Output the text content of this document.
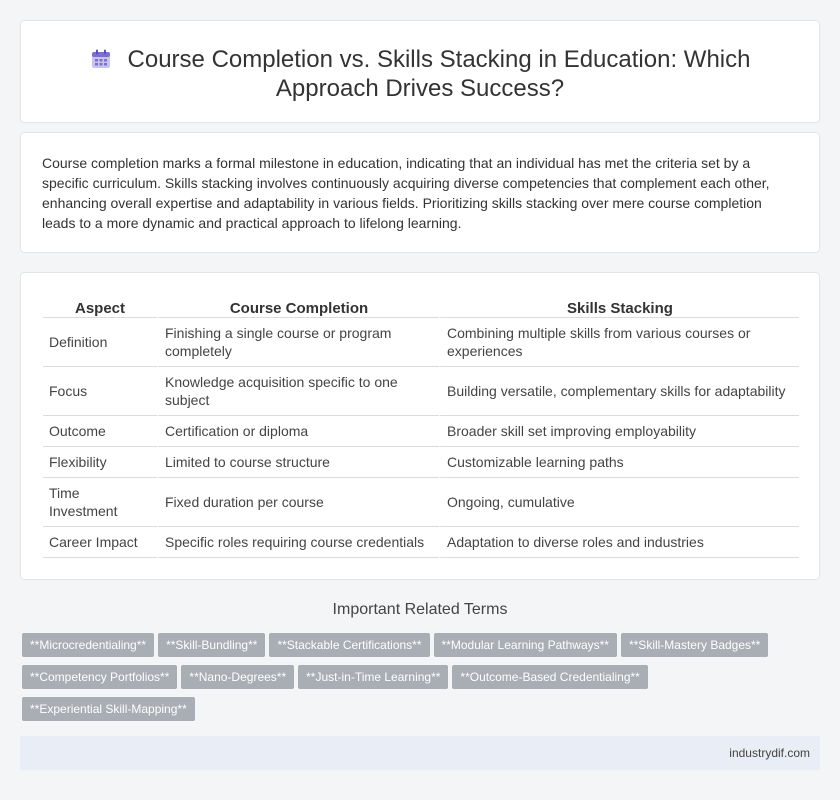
Course Completion vs. Skills Stacking in Education: Which Approach Drives Success?

Course completion marks a formal milestone in education, indicating that an individual has met the criteria set by a specific curriculum. Skills stacking involves continuously acquiring diverse competencies that complement each other, enhancing overall expertise and adaptability in various fields. Prioritizing skills stacking over mere course completion leads to a more dynamic and practical approach to lifelong learning.

Aspect	Course Completion	Skills Stacking
Definition	Finishing a single course or program completely	Combining multiple skills from various courses or experiences
Focus	Knowledge acquisition specific to one subject	Building versatile, complementary skills for adaptability
Outcome	Certification or diploma	Broader skill set improving employability
Flexibility	Limited to course structure	Customizable learning paths
Time Investment	Fixed duration per course	Ongoing, cumulative
Career Impact	Specific roles requiring course credentials	Adaptation to diverse roles and industries
Important Related Terms
**Microcredentialing** **Skill-Bundling** **Stackable Certifications** **Modular Learning Pathways** **Skill-Mastery Badges**
**Competency Portfolios** **Nano-Degrees** **Just-in-Time Learning** **Outcome-Based Credentialing**
**Experiential Skill-Mapping**
industrydif.com
